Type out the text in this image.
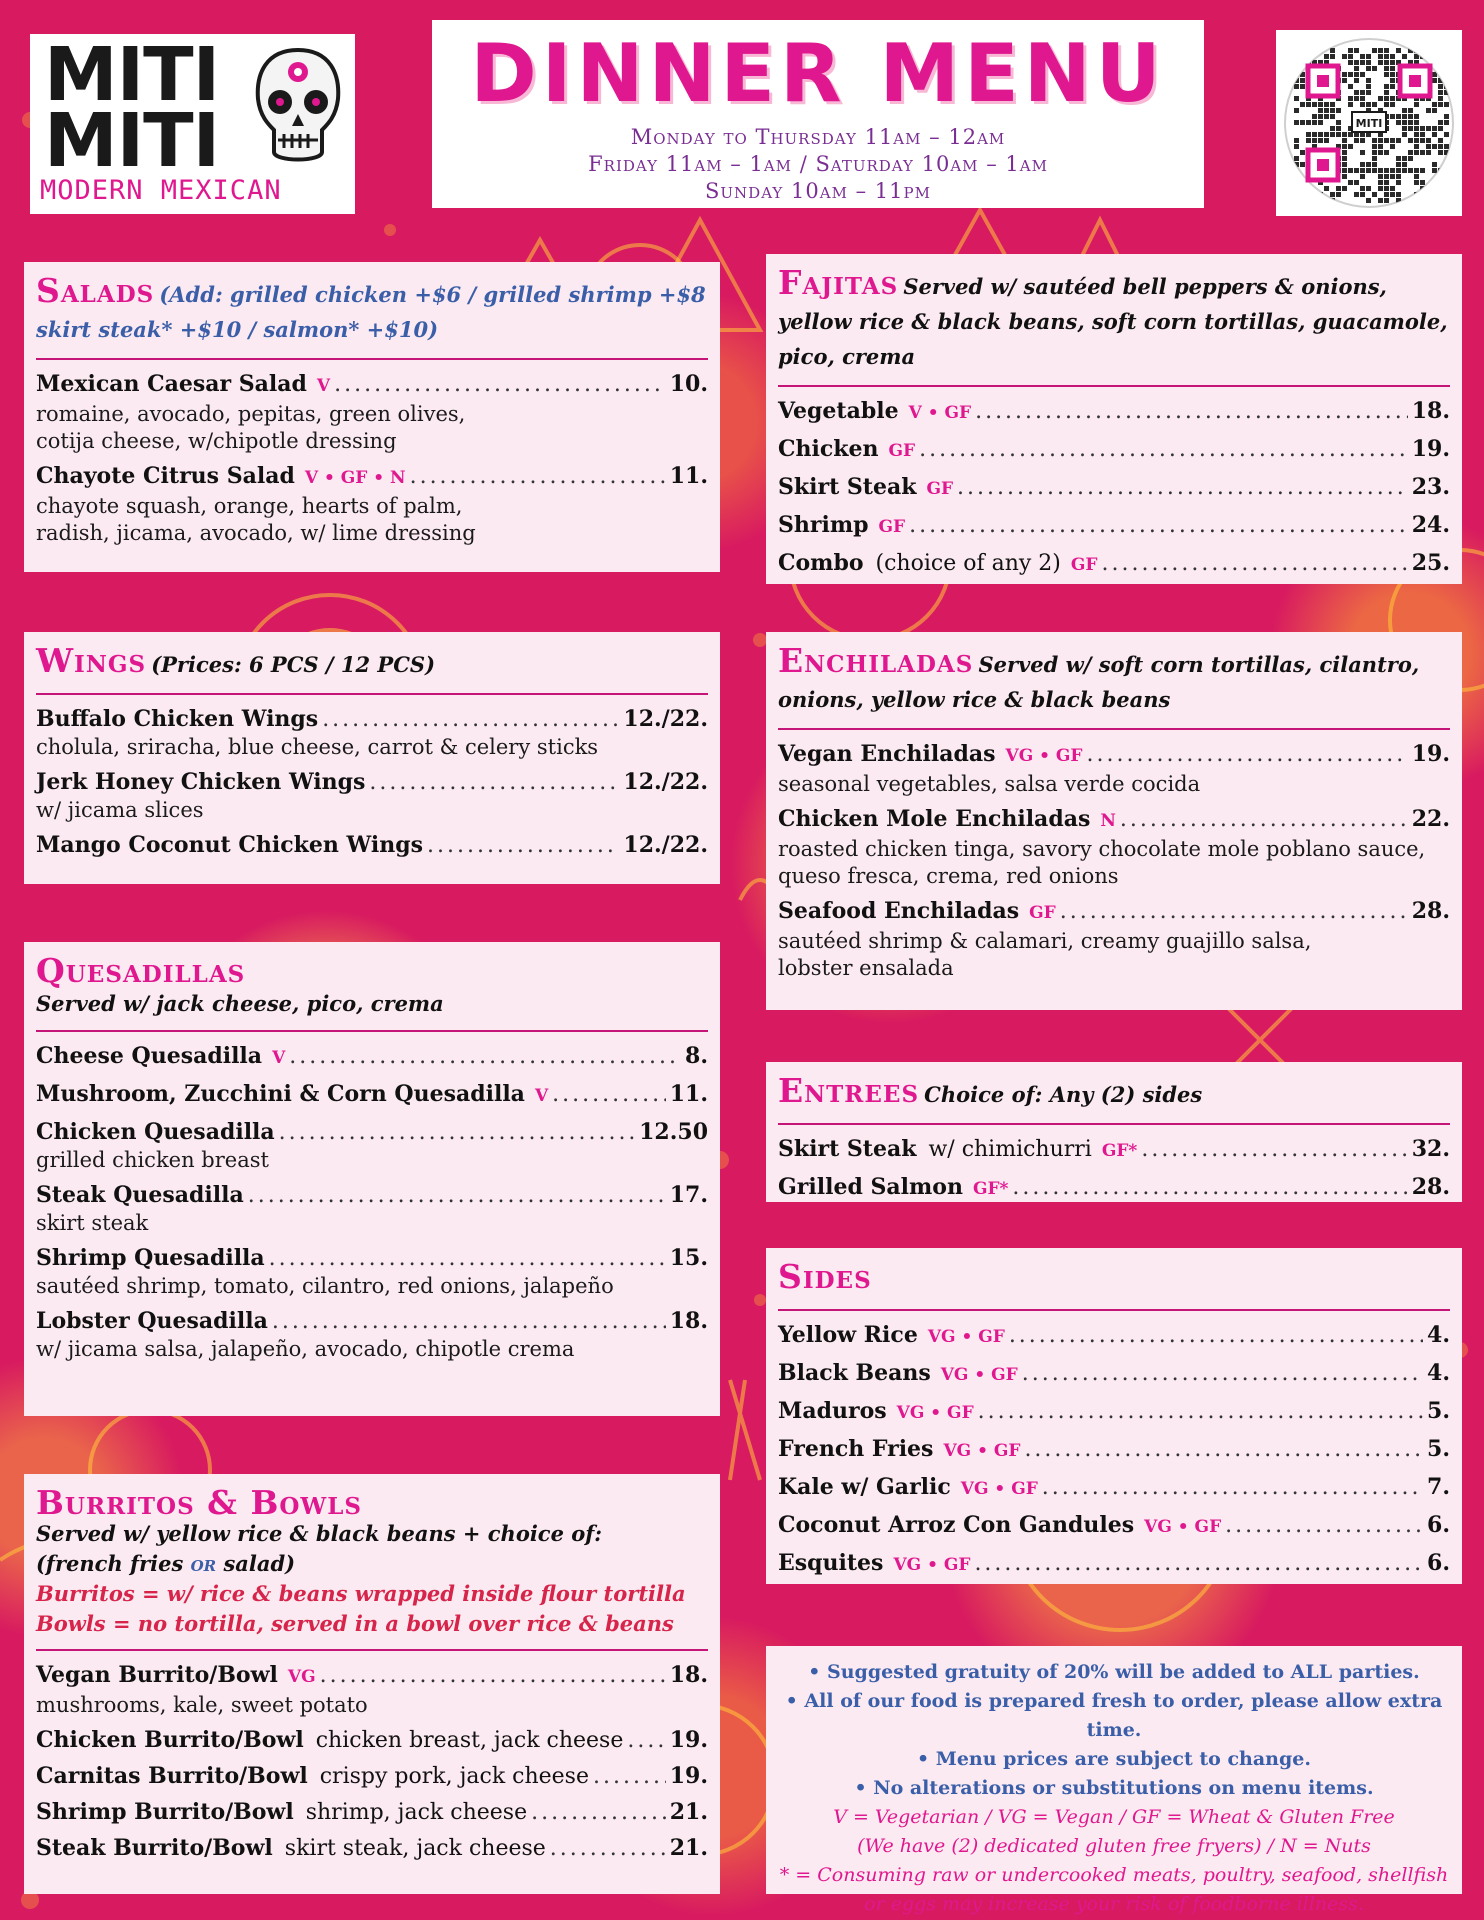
MITI
MITI
MODERN MEXICAN
DINNER MENU
Monday to Thursday 11am – 12am
Friday 11am – 1am / Saturday 10am – 1am
Sunday 10am – 11pm
MITI
Salads (Add: grilled chicken +$6 / grilled shrimp +$8 skirt steak* +$10 / salmon* +$10)
Mexican Caesar Salad V .....	10.
romaine, avocado, pepitas, green olives,
cotija cheese, w/chipotle dressing
Chayote Citrus Salad V • GF • N .....	11.
chayote squash, orange, hearts of palm,
radish, jicama, avocado, w/ lime dressing
Wings (Prices: 6 PCS / 12 PCS)
Buffalo Chicken Wings .....	12./22.
cholula, sriracha, blue cheese, carrot & celery sticks
Jerk Honey Chicken Wings .....	12./22.
w/ jicama slices
Mango Coconut Chicken Wings .....	12./22.
Quesadillas
Served w/ jack cheese, pico, crema
Cheese Quesadilla V .....	8.
Mushroom, Zucchini & Corn Quesadilla V .....	11.
Chicken Quesadilla .....	12.50
grilled chicken breast
Steak Quesadilla .....	17.
skirt steak
Shrimp Quesadilla .....	15.
sautéed shrimp, tomato, cilantro, red onions, jalapeño
Lobster Quesadilla .....	18.
w/ jicama salsa, jalapeño, avocado, chipotle crema
Burritos & Bowls
Served w/ yellow rice & black beans + choice of:
(french fries or salad)
Burritos = w/ rice & beans wrapped inside flour tortilla
Bowls = no tortilla, served in a bowl over rice & beans
Vegan Burrito/Bowl VG .....	18.
mushrooms, kale, sweet potato
Chicken Burrito/Bowl chicken breast, jack cheese ..... 19.
Carnitas Burrito/Bowl crispy pork, jack cheese .....	19.
Shrimp Burrito/Bowl shrimp, jack cheese .....	21.
Steak Burrito/Bowl skirt steak, jack cheese .....	21.
Fajitas Served w/ sautéed bell peppers & onions, yellow rice & black beans, soft corn tortillas, guacamole, pico, crema
Vegetable V • GF .....	18.
Chicken GF .....	19.
Skirt Steak GF .....	23.
Shrimp GF .....	24.
Combo (choice of any 2) GF .....	25.
Enchiladas Served w/ soft corn tortillas, cilantro, onions, yellow rice & black beans
Vegan Enchiladas VG • GF .....	19.
seasonal vegetables, salsa verde cocida
Chicken Mole Enchiladas N .....	22.
roasted chicken tinga, savory chocolate mole poblano sauce,
queso fresca, crema, red onions
Seafood Enchiladas GF .....	28.
sautéed shrimp & calamari, creamy guajillo salsa,
lobster ensalada
Entrees Choice of: Any (2) sides
Skirt Steak w/ chimichurri GF* .....	32.
Grilled Salmon GF* .....	28.
Sides
Yellow Rice VG • GF .....	4.
Black Beans VG • GF .....	4.
Maduros VG • GF .....	5.
French Fries VG • GF .....	5.
Kale w/ Garlic VG • GF .....	7.
Coconut Arroz Con Gandules VG • GF .....	6.
Esquites VG • GF .....	6.
• Suggested gratuity of 20% will be added to ALL parties.
• All of our food is prepared fresh to order, please allow extra time.
• Menu prices are subject to change.
• No alterations or substitutions on menu items.
V = Vegetarian / VG = Vegan / GF = Wheat & Gluten Free
(We have (2) dedicated gluten free fryers) / N = Nuts
* = Consuming raw or undercooked meats, poultry, seafood, shellfish
or eggs may increase your risk of foodborne illness.
